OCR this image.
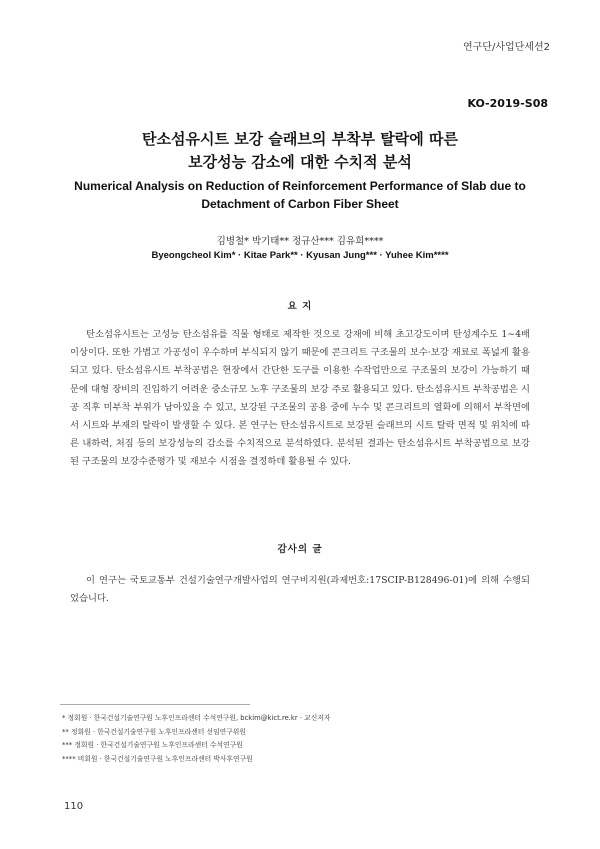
연구단/사업단세션2
KO-2019-S08
탄소섬유시트 보강 슬래브의 부착부 탈락에 따른
보강성능 감소에 대한 수치적 분석
Numerical Analysis on Reduction of Reinforcement Performance of Slab due to
Detachment of Carbon Fiber Sheet
김병철* 박기태** 정규산*** 김유희****
Byeongcheol Kim* · Kitae Park** · Kyusan Jung*** · Yuhee Kim****
요 지

탄소섬유시트는 고성능 탄소섬유를 직물 형태로 제작한 것으로 강재에 비해 초고강도이며 탄성계수도 1∼4배 이상이다. 또한 가볍고 가공성이 우수하며 부식되지 않기 때문에 콘크리트 구조물의 보수·보강 재료로 폭넓게 활용되고 있다. 탄소섬유시트 부착공법은 현장에서 간단한 도구를 이용한 수작업만으로 구조물의 보강이 가능하기 때문에 대형 장비의 진입하기 어려운 중소규모 노후 구조물의 보강 주로 활용되고 있다. 탄소섬유시트 부착공법은 시공 직후 미부착 부위가 남아있을 수 있고, 보강된 구조물의 공용 중에 누수 및 콘크리트의 열화에 의해서 부착면에서 시트와 부재의 탈락이 발생할 수 있다. 본 연구는 탄소섬유시트로 보강된 슬래브의 시트 탈락 면적 및 위치에 따른 내하력, 처짐 등의 보강성능의 감소를 수치적으로 분석하였다. 분석된 결과는 탄소섬유시트 부착공법으로 보강된 구조물의 보강수준평가 및 재보수 시점을 결정하데 활용될 수 있다.

감사의 글

이 연구는 국토교통부 건설기술연구개발사업의 연구비지원(과제번호:17SCIP-B128496-01)에 의해 수행되었습니다.

* 정회원 · 한국건설기술연구원 노후인프라센터 수석연구원, bckim@kict.re.kr · 교신저자
** 정회원 · 한국건설기술연구원 노후인프라센터 선임연구위원
*** 정회원 · 한국건설기술연구원 노후인프라센터 수석연구원
**** 비회원 · 한국건설기술연구원 노후인프라센터 박사후연구원
110
